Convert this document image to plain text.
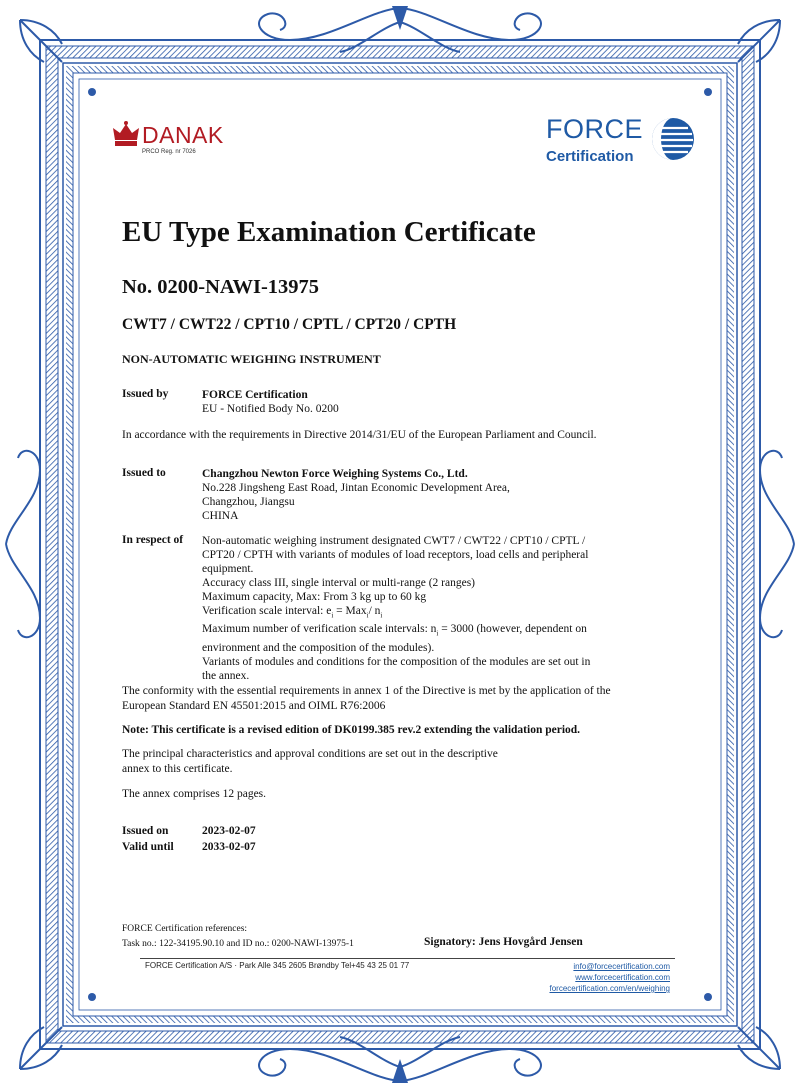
DANAK
PRCO Reg. nr 7026
FORCE
Certification
EU Type Examination Certificate
No. 0200-NAWI-13975
CWT7 / CWT22 / CPT10 / CPTL / CPT20 / CPTH
NON-AUTOMATIC WEIGHING INSTRUMENT
Issued by	FORCE Certification
EU - Notified Body No. 0200
In accordance with the requirements in Directive 2014/31/EU of the European Parliament and Council.
Issued to	Changzhou Newton Force Weighing Systems Co., Ltd.
No.228 Jingsheng East Road, Jintan Economic Development Area,
Changzhou, Jiangsu
CHINA
In respect of Non-automatic weighing instrument designated CWT7 / CWT22 / CPT10 / CPTL /
CPT20 / CPTH with variants of modules of load receptors, load cells and peripheral
equipment.
Accuracy class III, single interval or multi-range (2 ranges)
Maximum capacity, Max: From 3 kg up to 60 kg
Verification scale interval: $e_i = Max_i/$ $n_i$
Maximum number of verification scale intervals: $n_i = 3000$ (however, dependent on
environment and the composition of the modules).
Variants of modules and conditions for the composition of the modules are set out in
the annex.
The conformity with the essential requirements in annex 1 of the Directive is met by the application of the European Standard EN 45501:2015 and OIML R76:2006
Note: This certificate is a revised edition of DK0199.385 rev.2 extending the validation period.
The principal characteristics and approval conditions are set out in the descriptive
annex to this certificate.
The annex comprises 12 pages.
Issued on	2023-02-07
Valid until 2033-02-07
FORCE Certification references:
Task no.: 122-34195.90.10 and ID no.: 0200-NAWI-13975-1	Signatory: Jens Hovgård Jensen
FORCE Certification A/S · Park Alle 345 2605 Brøndby Tel+45 43 25 01 77	info@forcecertification.com www.forcecertification.com
forcecertification.com/en/weighing
